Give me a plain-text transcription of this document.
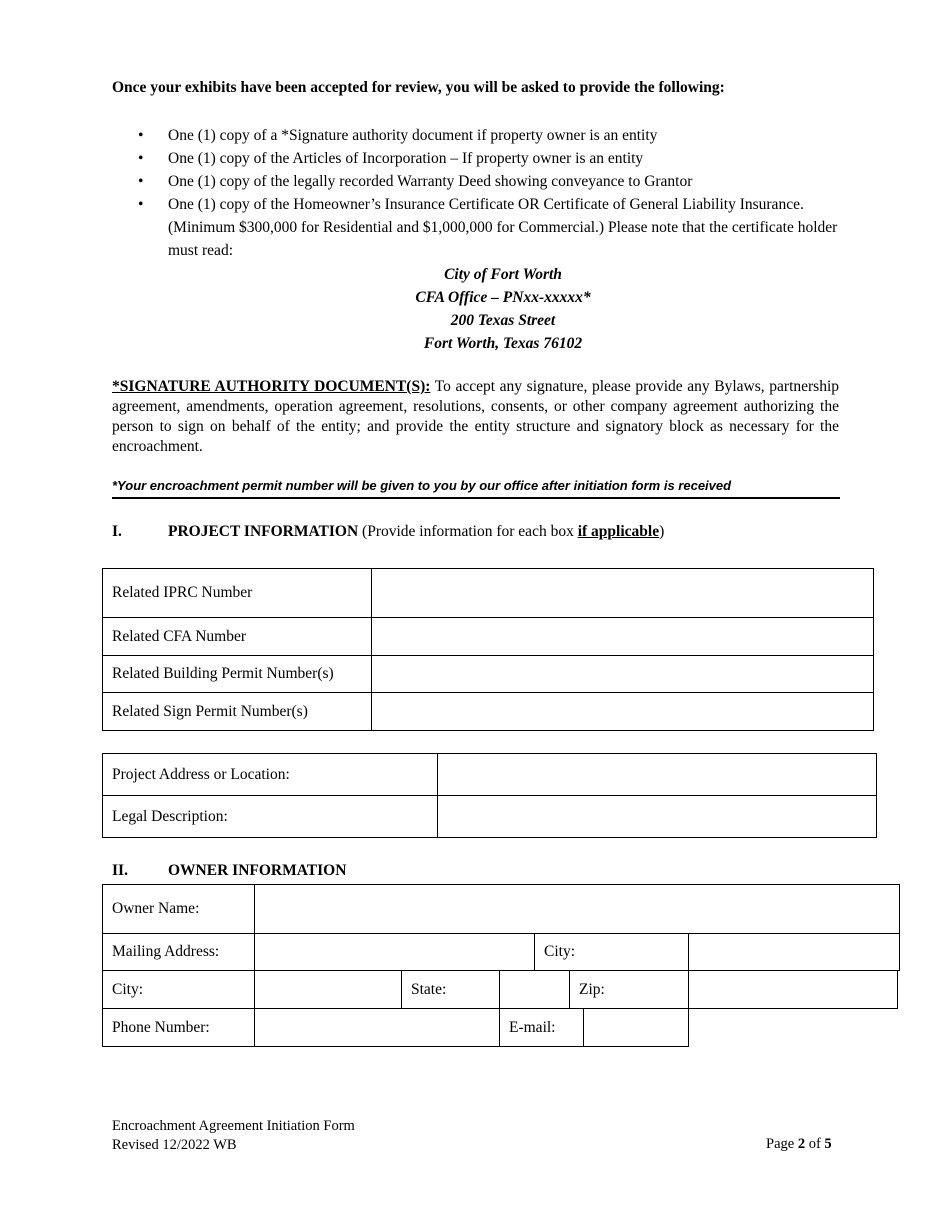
Once your exhibits have been accepted for review, you will be asked to provide the following:
• One (1) copy of a *Signature authority document if property owner is an entity
• One (1) copy of the Articles of Incorporation – If property owner is an entity
• One (1) copy of the legally recorded Warranty Deed showing conveyance to Grantor
• One (1) copy of the Homeowner’s Insurance Certificate OR Certificate of General Liability Insurance. (Minimum $300,000 for Residential and $1,000,000 for Commercial.) Please note that the certificate holder must read:
City of Fort Worth
CFA Office – PNxx-xxxxx*
200 Texas Street
Fort Worth, Texas 76102
*SIGNATURE AUTHORITY DOCUMENT(S): To accept any signature, please provide any Bylaws, partnership agreement, amendments, operation agreement, resolutions, consents, or other company agreement authorizing the person to sign on behalf of the entity; and provide the entity structure and signatory block as necessary for the encroachment.
*Your encroachment permit number will be given to you by our office after initiation form is received
I.	PROJECT INFORMATION (Provide information for each box if applicable)
Related IPRC Number	
Related CFA Number	
Related Building Permit Number(s)	
Related Sign Permit Number(s)	
Project Address or Location:	
Legal Description:	
II.	OWNER INFORMATION
Owner Name:
Mailing Address:	City:
City:	State:	Zip:
Phone Number:	E-mail:
Encroachment Agreement Initiation Form
Revised 12/2022 WB	Page 2 of 5
